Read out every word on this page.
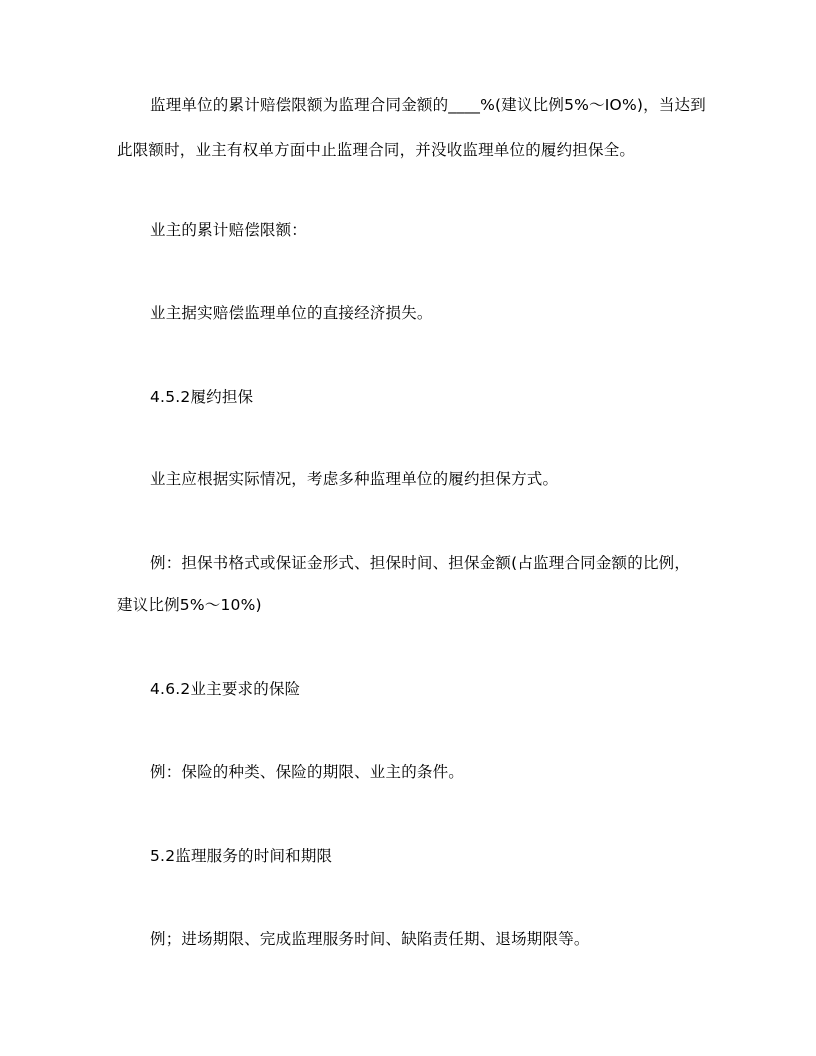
监理单位的累计赔偿限额为监理合同金额的____%(建议比例5%～IO%)，当达到
此限额时，业主有权单方面中止监理合同，并没收监理单位的履约担保全。
业主的累计赔偿限额：
业主据实赔偿监理单位的直接经济损失。
4.5.2履约担保
业主应根据实际情况，考虑多种监理单位的履约担保方式。
例：担保书格式或保证金形式、担保时间、担保金额(占监理合同金额的比例，
建议比例5%～10%)
4.6.2业主要求的保险
例：保险的种类、保险的期限、业主的条件。
5.2监理服务的时间和期限
例；进场期限、完成监理服务时间、缺陷责任期、退场期限等。
